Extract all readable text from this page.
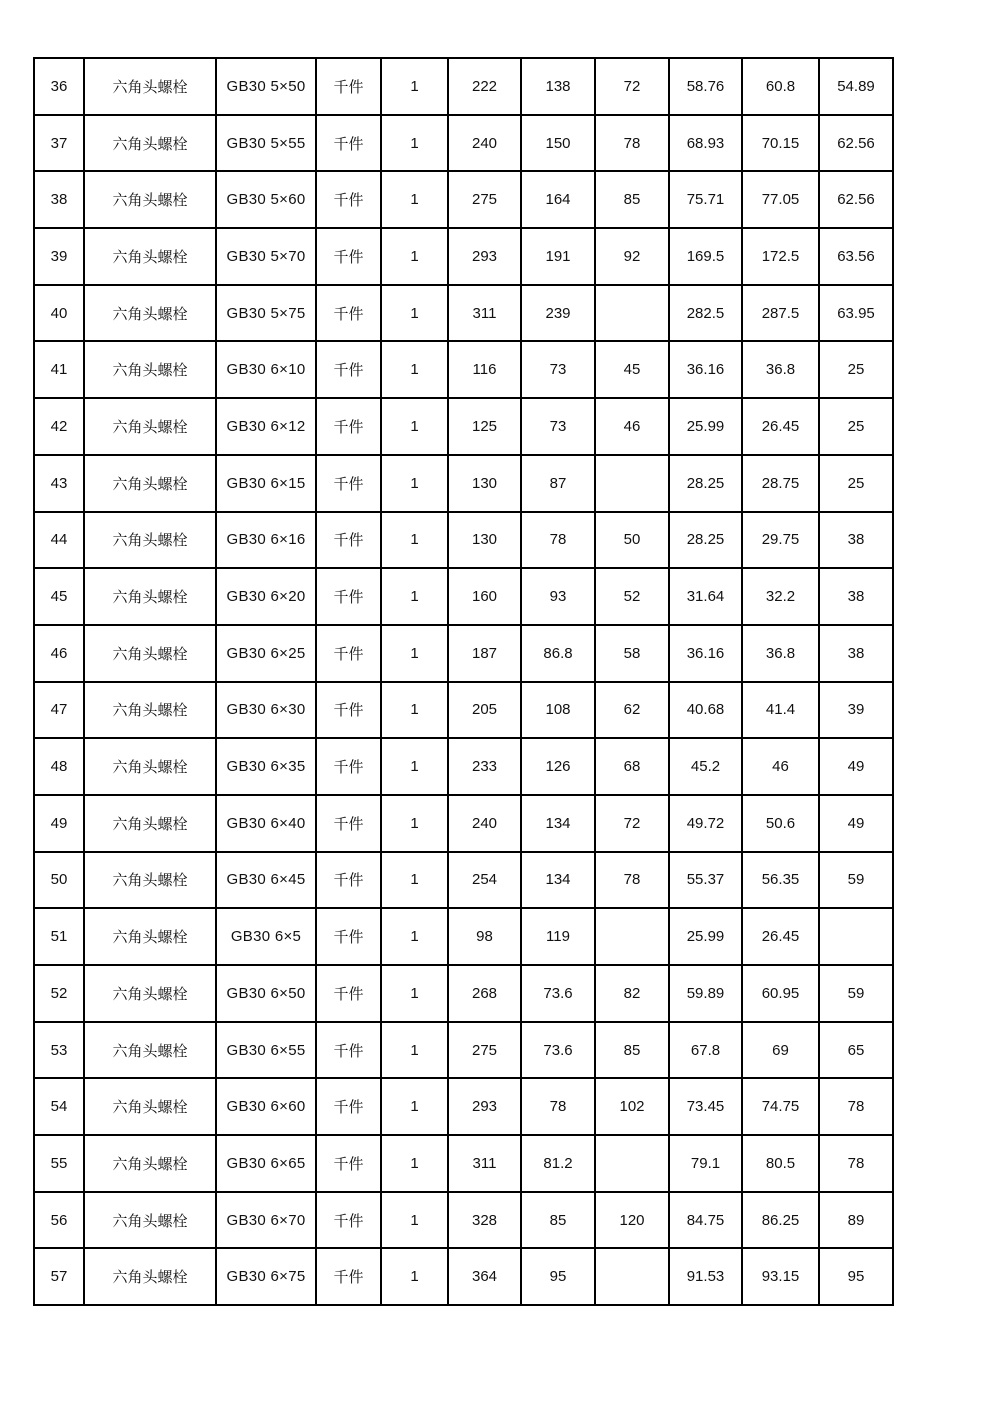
36	六角头螺栓	GB30 5×50	千件	1	222	138	72	58.76	60.8	54.89
37	六角头螺栓	GB30 5×55	千件	1	240	150	78	68.93	70.15	62.56
38	六角头螺栓	GB30 5×60	千件	1	275	164	85	75.71	77.05	62.56
39	六角头螺栓	GB30 5×70	千件	1	293	191	92	169.5	172.5	63.56
40	六角头螺栓	GB30 5×75	千件	1	311	239		282.5	287.5	63.95
41	六角头螺栓	GB30 6×10	千件	1	116	73	45	36.16	36.8	25
42	六角头螺栓	GB30 6×12	千件	1	125	73	46	25.99	26.45	25
43	六角头螺栓	GB30 6×15	千件	1	130	87		28.25	28.75	25
44	六角头螺栓	GB30 6×16	千件	1	130	78	50	28.25	29.75	38
45	六角头螺栓	GB30 6×20	千件	1	160	93	52	31.64	32.2	38
46	六角头螺栓	GB30 6×25	千件	1	187	86.8	58	36.16	36.8	38
47	六角头螺栓	GB30 6×30	千件	1	205	108	62	40.68	41.4	39
48	六角头螺栓	GB30 6×35	千件	1	233	126	68	45.2	46	49
49	六角头螺栓	GB30 6×40	千件	1	240	134	72	49.72	50.6	49
50	六角头螺栓	GB30 6×45	千件	1	254	134	78	55.37	56.35	59
51	六角头螺栓	GB30 6×5	千件	1	98	119		25.99	26.45	
52	六角头螺栓	GB30 6×50	千件	1	268	73.6	82	59.89	60.95	59
53	六角头螺栓	GB30 6×55	千件	1	275	73.6	85	67.8	69	65
54	六角头螺栓	GB30 6×60	千件	1	293	78	102	73.45	74.75	78
55	六角头螺栓	GB30 6×65	千件	1	311	81.2		79.1	80.5	78
56	六角头螺栓	GB30 6×70	千件	1	328	85	120	84.75	86.25	89
57	六角头螺栓	GB30 6×75	千件	1	364	95		91.53	93.15	95
